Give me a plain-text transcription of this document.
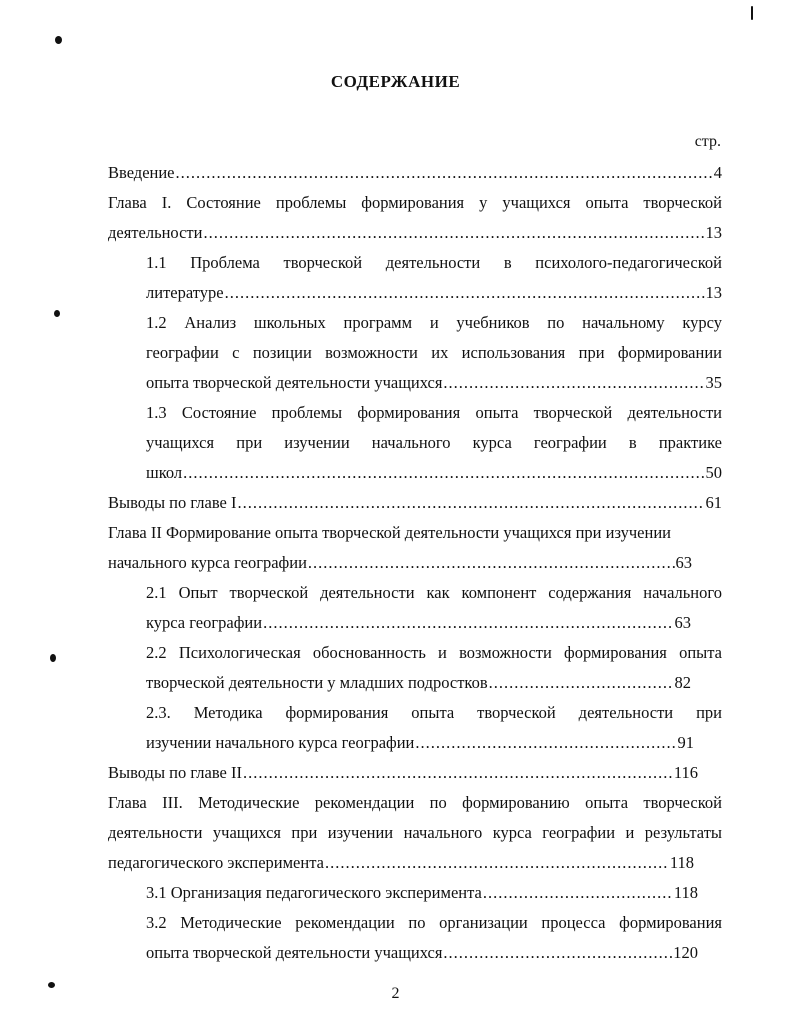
СОДЕРЖАНИЕ
стр.
Введение .....	4
Глава I. Состояние проблемы формирования у учащихся опыта творческой
деятельности .....	13
1.1 Проблема творческой деятельности в психолого-педагогической
литературе .....	13
1.2 Анализ школьных программ и учебников по начальному курсу
географии с позиции возможности их использования при формировании
опыта творческой деятельности учащихся .....	35
1.3 Состояние проблемы формирования опыта творческой деятельности
учащихся при изучении начального курса географии в практике
школ .....	50
Выводы по главе I .....	61
Глава II Формирование опыта творческой деятельности учащихся при изучении
начального курса географии .....	63
2.1 Опыт творческой деятельности как компонент содержания начального
курса географии .....	63
2.2 Психологическая обоснованность и возможности формирования опыта
творческой деятельности у младших подростков .....	82
2.3. Методика формирования опыта творческой деятельности при
изучении начального курса географии .....	91
Выводы по главе II .....	116
Глава III. Методические рекомендации по формированию опыта творческой
деятельности учащихся при изучении начального курса географии и результаты
педагогического эксперимента .....	118
3.1 Организация педагогического эксперимента .....	118
3.2 Методические рекомендации по организации процесса формирования
опыта творческой деятельности учащихся .....	120
2
